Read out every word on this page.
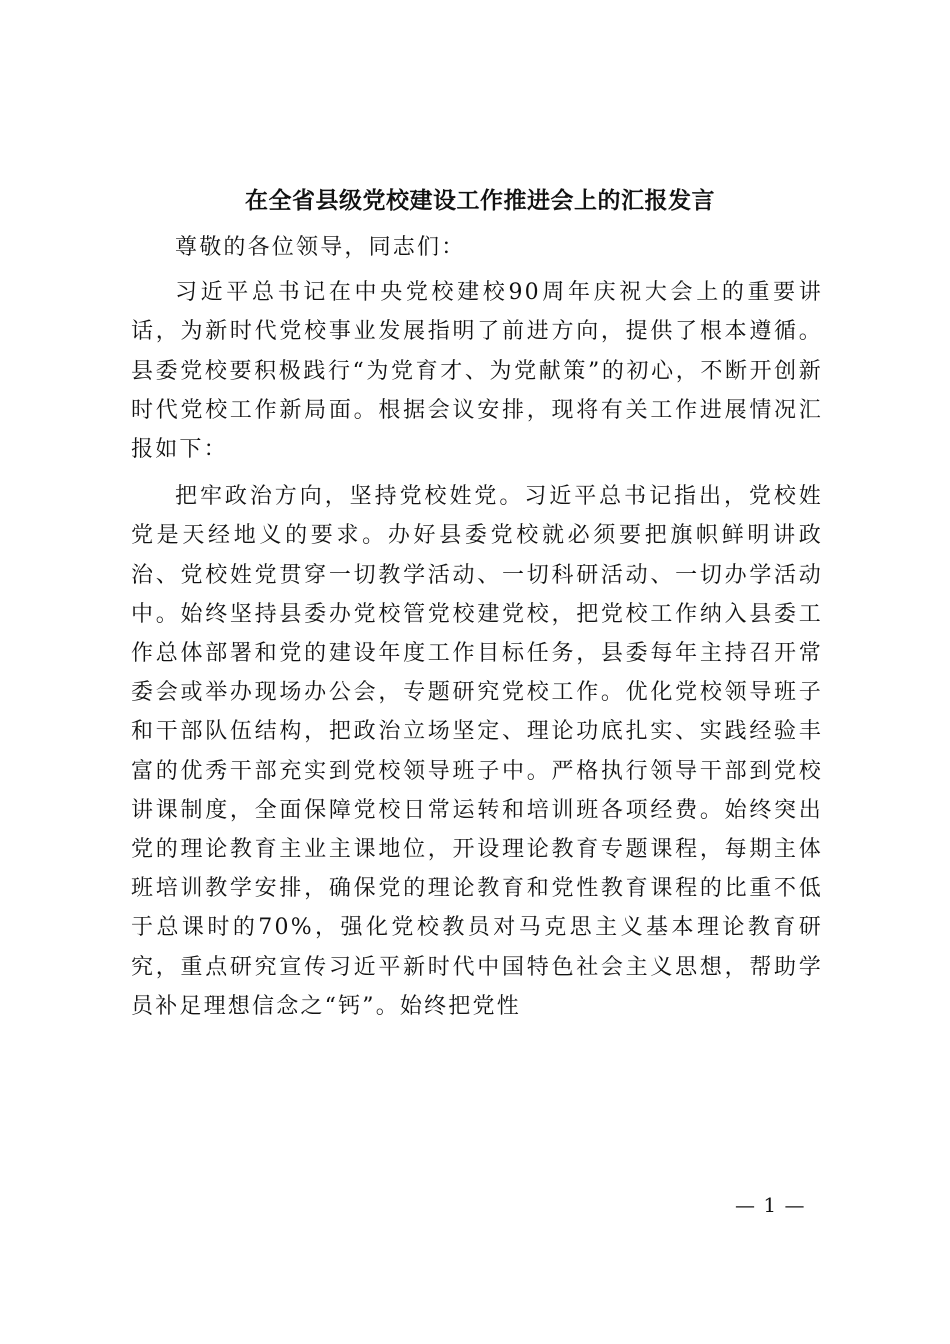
在全省县级党校建设工作推进会上的汇报发言

尊敬的各位领导，同志们：

习近平总书记在中央党校建校90周年庆祝大会上的重要讲话，为新时代党校事业发展指明了前进方向，提供了根本遵循。县委党校要积极践行“为党育才、为党献策”的初心，不断开创新时代党校工作新局面。根据会议安排，现将有关工作进展情况汇报如下：

把牢政治方向，坚持党校姓党。习近平总书记指出，党校姓党是天经地义的要求。办好县委党校就必须要把旗帜鲜明讲政治、党校姓党贯穿一切教学活动、一切科研活动、一切办学活动中。始终坚持县委办党校管党校建党校，把党校工作纳入县委工作总体部署和党的建设年度工作目标任务，县委每年主持召开常委会或举办现场办公会，专题研究党校工作。优化党校领导班子和干部队伍结构，把政治立场坚定、理论功底扎实、实践经验丰富的优秀干部充实到党校领导班子中。严格执行领导干部到党校讲课制度，全面保障党校日常运转和培训班各项经费。始终突出党的理论教育主业主课地位，开设理论教育专题课程，每期主体班培训教学安排，确保党的理论教育和党性教育课程的比重不低于总课时的70%，强化党校教员对马克思主义基本理论教育研究，重点研究宣传习近平新时代中国特色社会主义思想，帮助学员补足理想信念之“钙”。始终把党性

— 1 —
